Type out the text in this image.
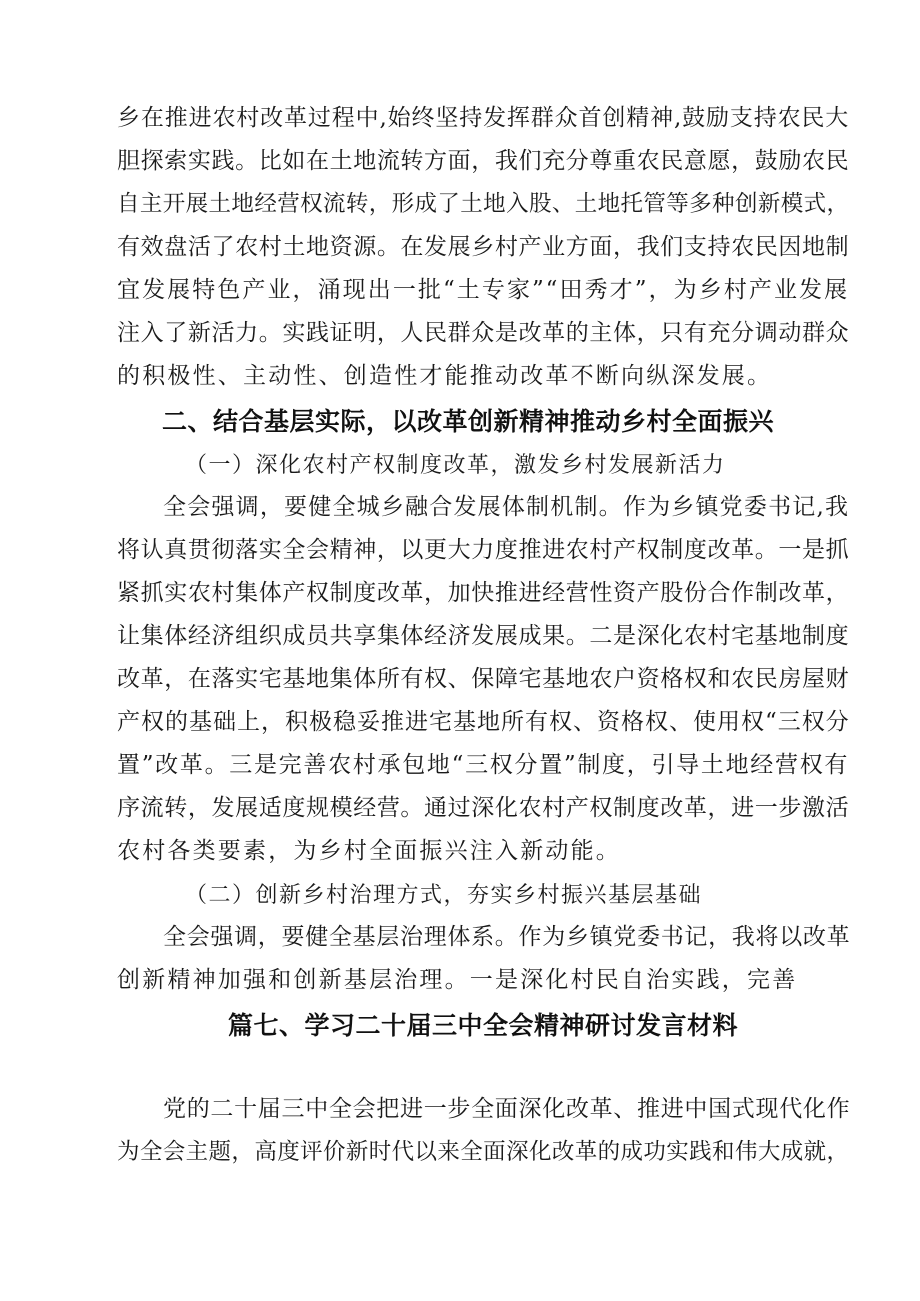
乡在推进农村改革过程中,始终坚持发挥群众首创精神,鼓励支持农民大
胆探索实践。比如在土地流转方面，我们充分尊重农民意愿，鼓励农民
自主开展土地经营权流转，形成了土地入股、土地托管等多种创新模式，
有效盘活了农村土地资源。在发展乡村产业方面，我们支持农民因地制
宜发展特色产业，涌现出一批“土专家”“田秀才”，为乡村产业发展
注入了新活力。实践证明，人民群众是改革的主体，只有充分调动群众
的积极性、主动性、创造性才能推动改革不断向纵深发展。
二、结合基层实际，以改革创新精神推动乡村全面振兴
（一）深化农村产权制度改革，激发乡村发展新活力
全会强调，要健全城乡融合发展体制机制。作为乡镇党委书记,我
将认真贯彻落实全会精神，以更大力度推进农村产权制度改革。一是抓
紧抓实农村集体产权制度改革，加快推进经营性资产股份合作制改革，
让集体经济组织成员共享集体经济发展成果。二是深化农村宅基地制度
改革，在落实宅基地集体所有权、保障宅基地农户资格权和农民房屋财
产权的基础上，积极稳妥推进宅基地所有权、资格权、使用权“三权分
置”改革。三是完善农村承包地“三权分置”制度，引导土地经营权有
序流转，发展适度规模经营。通过深化农村产权制度改革，进一步激活
农村各类要素，为乡村全面振兴注入新动能。
（二）创新乡村治理方式，夯实乡村振兴基层基础
全会强调，要健全基层治理体系。作为乡镇党委书记，我将以改革
创新精神加强和创新基层治理。一是深化村民自治实践，完善
篇七、学习二十届三中全会精神研讨发言材料
党的二十届三中全会把进一步全面深化改革、推进中国式现代化作
为全会主题，高度评价新时代以来全面深化改革的成功实践和伟大成就，
